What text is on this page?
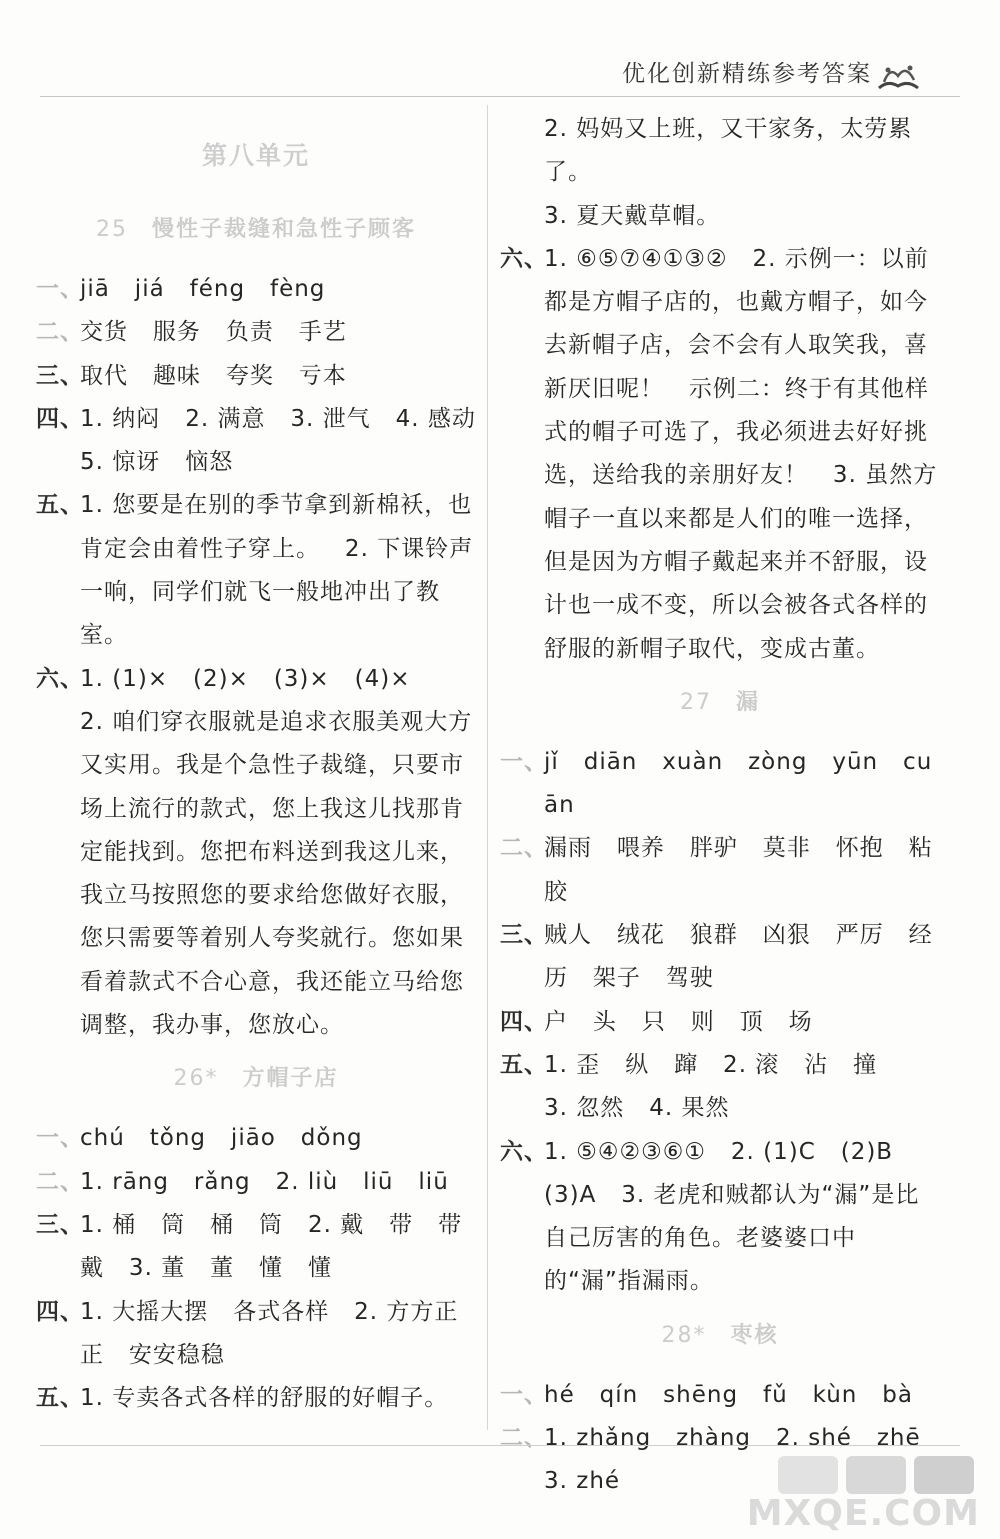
优化创新精练参考答案
第八单元
25 慢性子裁缝和急性子顾客
一、
jiā   jiá   féng   fèng
二、
交货   服务   负责   手艺
三、
取代   趣味   夸奖   亏本
四、
1. 纳闷   2. 满意   3. 泄气   4. 感动
5. 惊讶   恼怒
五、
1. 您要是在别的季节拿到新棉袄，也肯定会由着性子穿上。   2. 下课铃声一响，同学们就飞一般地冲出了教室。
六、
1. (1)×   (2)×   (3)×   (4)×
2. 咱们穿衣服就是追求衣服美观大方又实用。我是个急性子裁缝，只要市场上流行的款式，您上我这儿找那肯定能找到。您把布料送到我这儿来，我立马按照您的要求给您做好衣服，您只需要等着别人夸奖就行。您如果看着款式不合心意，我还能立马给您调整，我办事，您放心。
26* 方帽子店
一、
chú   tǒng   jiāo   dǒng
二、
1. rāng   rǎng   2. liù   liū   liū
三、
1. 桶   筒   桶   筒   2. 戴   带   带
戴   3. 董   董   懂   懂
四、
1. 大摇大摆   各式各样   2. 方方正正   安安稳稳
五、
1. 专卖各式各样的舒服的好帽子。
2. 妈妈又上班，又干家务，太劳累了。
3. 夏天戴草帽。
六、
1. ⑥⑤⑦④①③②   2. 示例一：以前都是方帽子店的，也戴方帽子，如今去新帽子店，会不会有人取笑我，喜新厌旧呢！   示例二：终于有其他样式的帽子可选了，我必须进去好好挑选，送给我的亲朋好友！   3. 虽然方帽子一直以来都是人们的唯一选择，但是因为方帽子戴起来并不舒服，设计也一成不变，所以会被各式各样的舒服的新帽子取代，变成古董。
27 漏
一、
jǐ   diān   xuàn   zòng   yūn   cuān
二、
漏雨   喂养   胖驴   莫非   怀抱   粘胶
三、
贼人   绒花   狼群   凶狠   严厉   经历   架子   驾驶
四、
户   头   只   则   顶   场
五、
1. 歪   纵   蹿   2. 滚   沾   撞
3. 忽然   4. 果然
六、
1. ⑤④②③⑥①   2. (1)C   (2)B   (3)A   3. 老虎和贼都认为“漏”是比自己厉害的角色。老婆婆口中的“漏”指漏雨。
28* 枣核
一、
hé   qín   shēng   fǔ   kùn   bà
二、
1. zhǎng   zhàng   2. shé   zhē
3. zhé
MXQE.COM
